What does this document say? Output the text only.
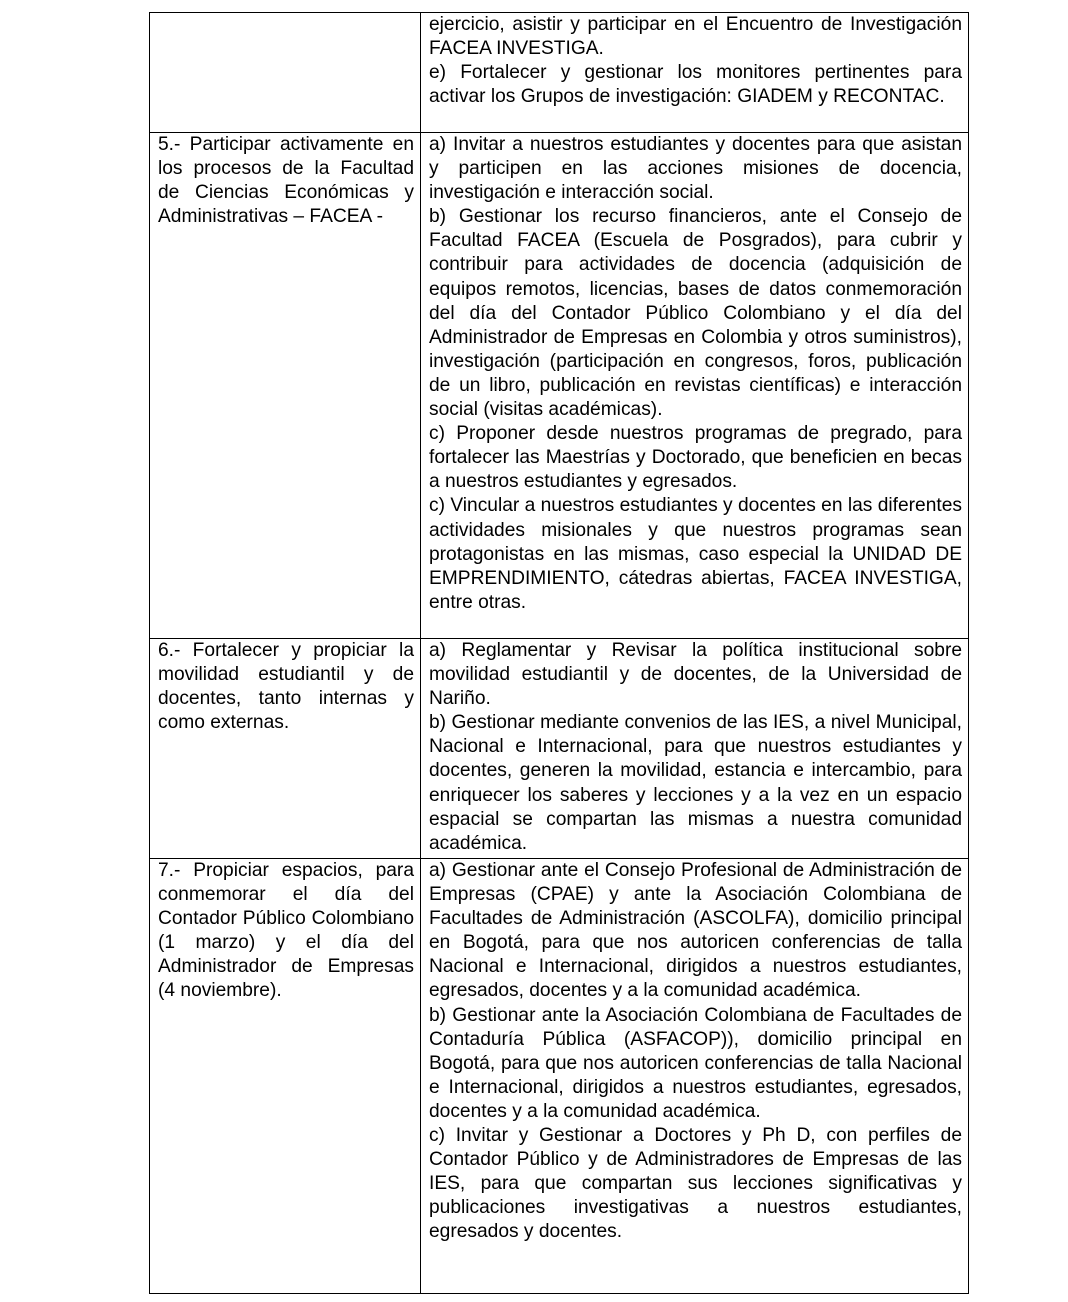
	ejercicio, asistir y participar en el Encuentro de Investigación FACEA INVESTIGA.

e) Fortalecer y gestionar los monitores pertinentes para activar los Grupos de investigación: GIADEM y RECONTAC.

5.- Participar activamente en los procesos de la Facultad de Ciencias Económicas y Administrativas – FACEA -	a) Invitar a nuestros estudiantes y docentes para que asistan y participen en las acciones misiones de docencia, investigación e interacción social.

b) Gestionar los recurso financieros, ante el Consejo de Facultad FACEA (Escuela de Posgrados), para cubrir y contribuir para actividades de docencia (adquisición de equipos remotos, licencias, bases de datos conmemoración del día del Contador Público Colombiano y el día del Administrador de Empresas en Colombia y otros suministros), investigación (participación en congresos, foros, publicación de un libro, publicación en revistas científicas) e interacción social (visitas académicas).

c) Proponer desde nuestros programas de pregrado, para fortalecer las Maestrías y Doctorado, que beneficien en becas a nuestros estudiantes y egresados.

c) Vincular a nuestros estudiantes y docentes en las diferentes actividades misionales y que nuestros programas sean protagonistas en las mismas, caso especial la UNIDAD DE EMPRENDIMIENTO, cátedras abiertas, FACEA INVESTIGA, entre otras.

6.- Fortalecer y propiciar la movilidad estudiantil y de docentes, tanto internas y como externas.	a) Reglamentar y Revisar la política institucional sobre movilidad estudiantil y de docentes, de la Universidad de Nariño.

b) Gestionar mediante convenios de las IES, a nivel Municipal, Nacional e Internacional, para que nuestros estudiantes y docentes, generen la movilidad, estancia e intercambio, para enriquecer los saberes y lecciones y a la vez en un espacio espacial se compartan las mismas a nuestra comunidad académica.

7.- Propiciar espacios, para conmemorar el día del Contador Público Colombiano (1 marzo) y el día del Administrador de Empresas (4 noviembre).	a) Gestionar ante el Consejo Profesional de Administración de Empresas (CPAE) y ante la Asociación Colombiana de Facultades de Administración (ASCOLFA), domicilio principal en Bogotá, para que nos autoricen conferencias de talla Nacional e Internacional, dirigidos a nuestros estudiantes, egresados, docentes y a la comunidad académica.

b) Gestionar ante la Asociación Colombiana de Facultades de Contaduría Pública (ASFACOP)), domicilio principal en Bogotá, para que nos autoricen conferencias de talla Nacional e Internacional, dirigidos a nuestros estudiantes, egresados, docentes y a la comunidad académica.

c) Invitar y Gestionar a Doctores y Ph D, con perfiles de Contador Público y de Administradores de Empresas de las IES, para que compartan sus lecciones significativas y publicaciones investigativas a nuestros estudiantes, egresados y docentes.
